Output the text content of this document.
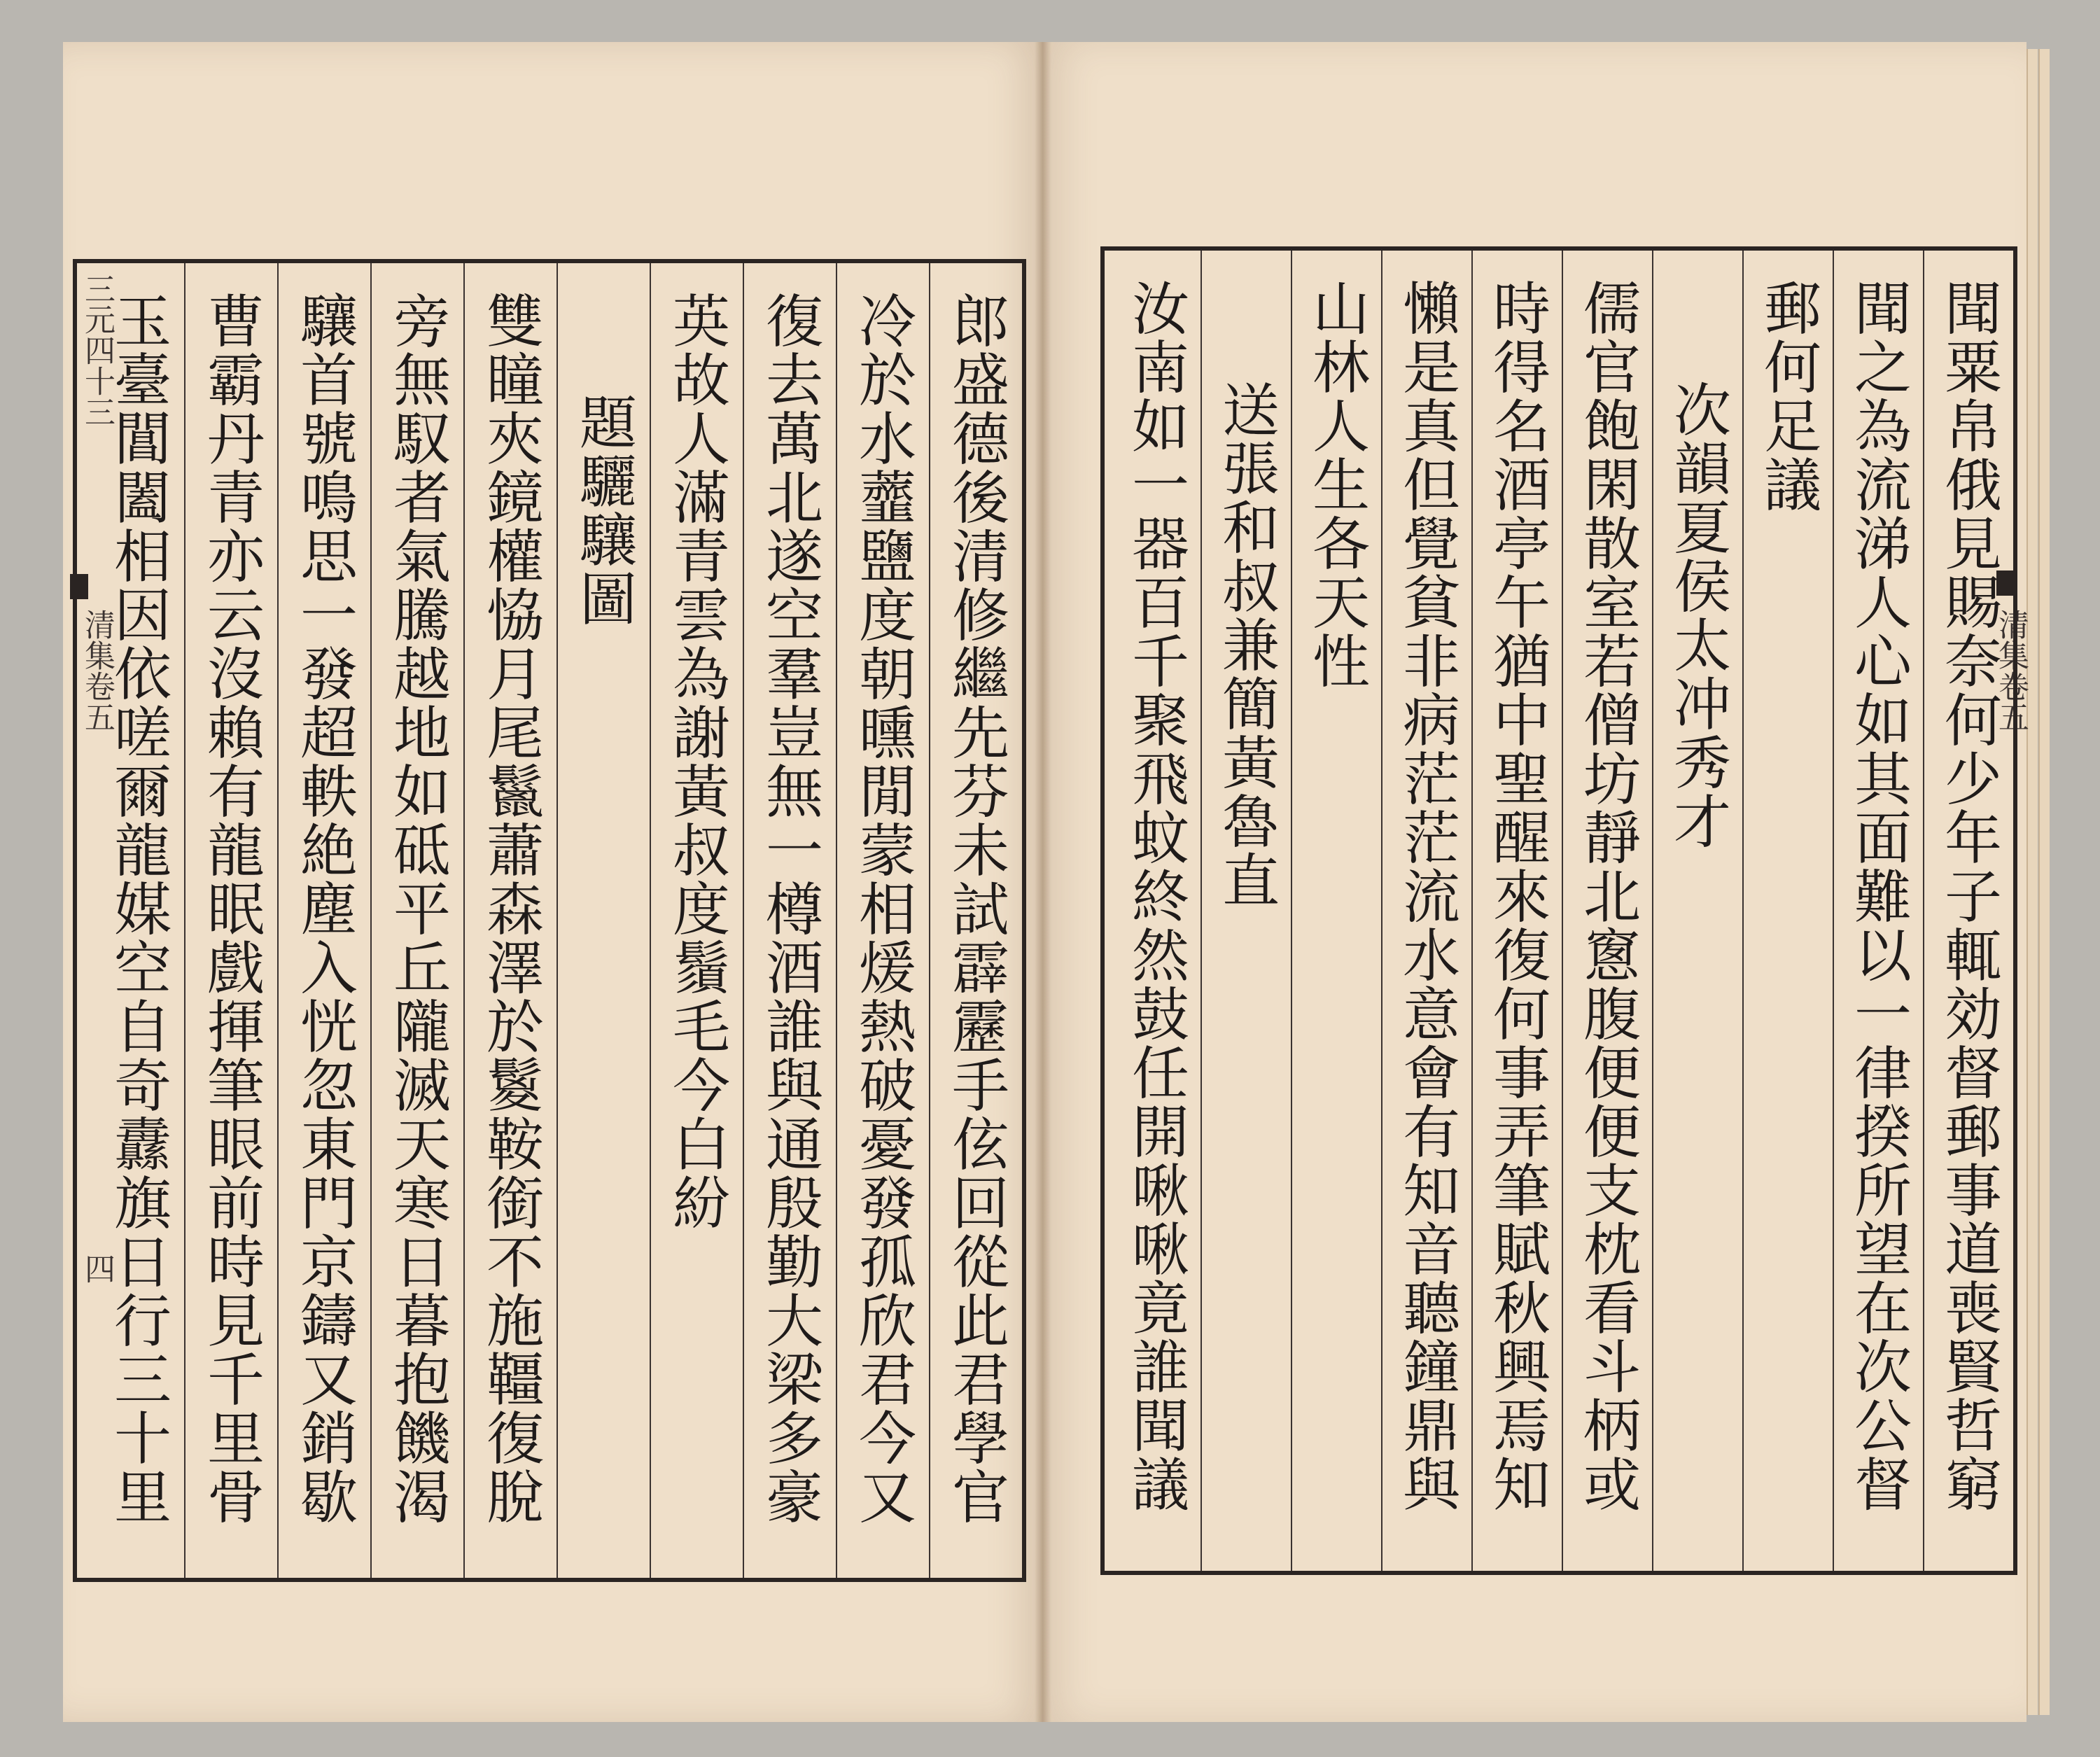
三元四十三
清集卷五
四	郎盛德後清修繼先芬未試霹靂手伭回從此君學官
冷於水虀鹽度朝曛閒蒙相煖熱破憂發孤欣君今又
復去萬北遂空羣豈無一樽酒誰與通殷勤大梁多豪
英故人滿青雲為謝黃叔度鬚毛今白紛
題驪驤圖
雙瞳夾鏡權恊月尾鬣蕭森澤於鬉鞍銜不施韁復脫
旁無馭者氣騰越地如砥平丘隴滅天寒日暮抱饑渴
驤首號鳴思一發超軼絶塵入恍忽東門京鑄又銷歇
曹霸丹青亦云沒賴有龍眠戲揮筆眼前時見千里骨
玉臺閶闔相因依嗟爾龍媒空自奇纛旗日行三十里	清集卷五
聞粟帛俄見賜奈何少年子輒効督郵事道喪賢哲窮
聞之為流涕人心如其面難以一律揆所望在次公督
郵何足議
次韻夏侯太冲秀才
儒官飽閑散室若僧坊靜北窻腹便便支枕看斗柄或
時得名酒亭午猶中聖醒來復何事弄筆賦秋興焉知
懶是真但覺貧非病茫茫流水意會有知音聽鐘鼎與
山林人生各天性
送張和叔兼簡黃魯直
汝南如一器百千聚飛蚊終然鼓任開啾啾竟誰聞議
